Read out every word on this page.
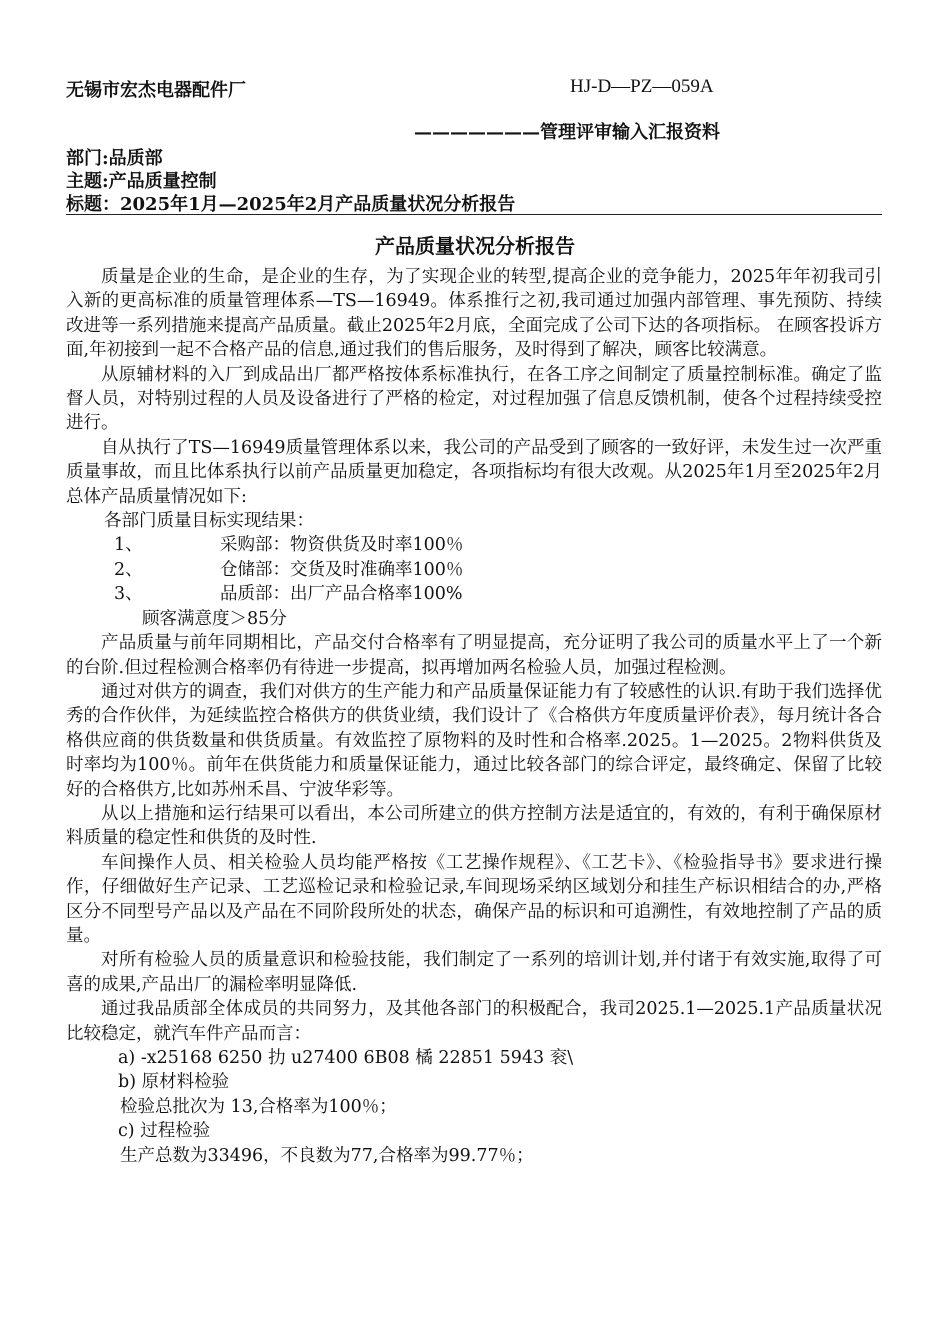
无锡市宏杰电器配件厂	HJ-D—PZ—059A
———————管理评审输入汇报资料
部门:品质部
主题:产品质量控制
标题：2025年1月—2025年2月产品质量状况分析报告
产品质量状况分析报告

质量是企业的生命，是企业的生存，为了实现企业的转型,提高企业的竞争能力，2025年年初我司引入新的更高标准的质量管理体系—TS—16949。体系推行之初,我司通过加强内部管理、事先预防、持续改进等一系列措施来提高产品质量。截止2025年2月底，全面完成了公司下达的各项指标。 在顾客投诉方面,年初接到一起不合格产品的信息,通过我们的售后服务，及时得到了解决，顾客比较满意。

从原辅材料的入厂到成品出厂都严格按体系标准执行，在各工序之间制定了质量控制标准。确定了监督人员，对特别过程的人员及设备进行了严格的检定，对过程加强了信息反馈机制，使各个过程持续受控进行。

自从执行了TS—16949质量管理体系以来，我公司的产品受到了顾客的一致好评，未发生过一次严重质量事故，而且比体系执行以前产品质量更加稳定，各项指标均有很大改观。从2025年1月至2025年2月总体产品质量情况如下:

各部门质量目标实现结果：
1、	采购部：物资供货及时率100％
2、	仓储部：交货及时准确率100％
3、	品质部：出厂产品合格率100%
顾客满意度＞85分

产品质量与前年同期相比，产品交付合格率有了明显提高，充分证明了我公司的质量水平上了一个新的台阶.但过程检测合格率仍有待进一步提高，拟再增加两名检验人员，加强过程检测。

通过对供方的调查，我们对供方的生产能力和产品质量保证能力有了较感性的认识.有助于我们选择优秀的合作伙伴，为延续监控合格供方的供货业绩，我们设计了《合格供方年度质量评价表》，每月统计各合格供应商的供货数量和供货质量。有效监控了原物料的及时性和合格率.2025。1—2025。2物料供货及时率均为100％。前年在供货能力和质量保证能力，通过比较各部门的综合评定，最终确定、保留了比较好的合格供方,比如苏州禾昌、宁波华彩等。

从以上措施和运行结果可以看出，本公司所建立的供方控制方法是适宜的，有效的，有利于确保原材料质量的稳定性和供货的及时性.

车间操作人员、相关检验人员均能严格按《工艺操作规程》、《工艺卡》、《检验指导书》要求进行操作，仔细做好生产记录、工艺巡检记录和检验记录,车间现场采纳区域划分和挂生产标识相结合的办,严格区分不同型号产品以及产品在不同阶段所处的状态，确保产品的标识和可追溯性，有效地控制了产品的质量。

对所有检验人员的质量意识和检验技能，我们制定了一系列的培训计划,并付诸于有效实施,取得了可喜的成果,产品出厂的漏检率明显降低.

通过我品质部全体成员的共同努力，及其他各部门的积极配合，我司2025.1—2025.1产品质量状况比较稳定，就汽车件产品而言：

a) -x25168 6250 扐 u27400 6B08 橘 22851 5943 衮\
b) 原材料检验
检验总批次为 13,合格率为100％；
c) 过程检验
生产总数为33496，不良数为77,合格率为99.77％；
